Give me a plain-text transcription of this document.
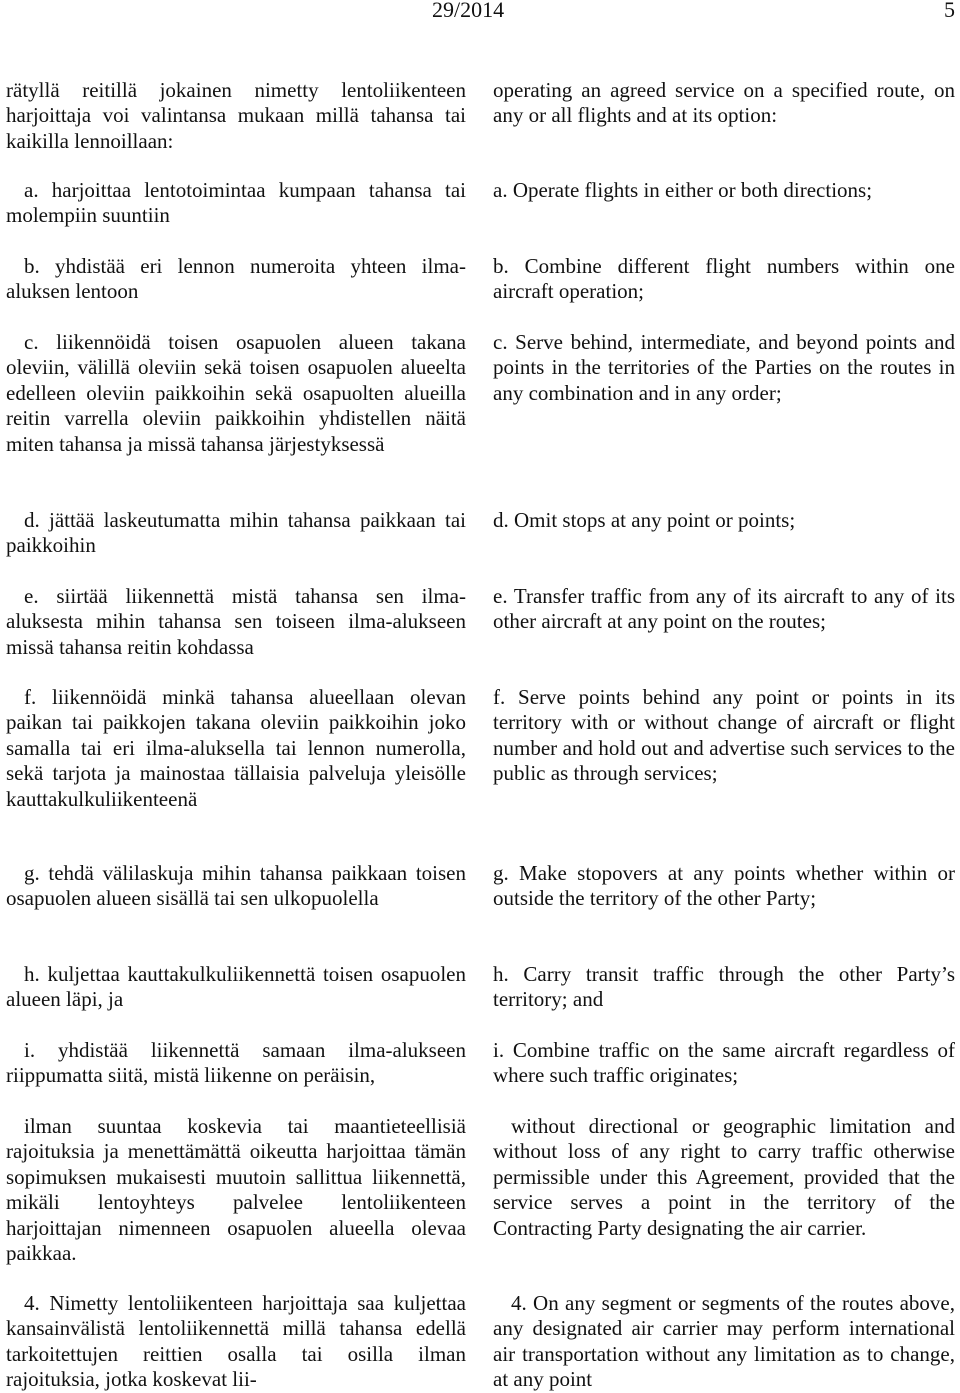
29/2014	5

rätyllä reitillä jokainen nimetty lentoliikenteen harjoittaja voi valintansa mukaan millä tahansa tai kaikilla lennoillaan:

a. harjoittaa lentotoimintaa kumpaan tahansa tai molempiin suuntiin

b. yhdistää eri lennon numeroita yhteen ilma-aluksen lentoon

c. liikennöidä toisen osapuolen alueen takana oleviin, välillä oleviin sekä toisen osapuolen alueelta edelleen oleviin paikkoihin sekä osapuolten alueilla reitin varrella oleviin paikkoihin yhdistellen näitä miten tahansa ja missä tahansa järjestyksessä

d. jättää laskeutumatta mihin tahansa paikkaan tai paikkoihin

e. siirtää liikennettä mistä tahansa sen ilma-aluksesta mihin tahansa sen toiseen ilma-alukseen missä tahansa reitin kohdassa

f. liikennöidä minkä tahansa alueellaan olevan paikan tai paikkojen takana oleviin paikkoihin joko samalla tai eri ilma-aluksella tai lennon numerolla, sekä tarjota ja mainostaa tällaisia palveluja yleisölle kauttakulkuliikenteenä

g. tehdä välilaskuja mihin tahansa paikkaan toisen osapuolen alueen sisällä tai sen ulkopuolella

h. kuljettaa kauttakulkuliikennettä toisen osapuolen alueen läpi, ja

i. yhdistää liikennettä samaan ilma-alukseen riippumatta siitä, mistä liikenne on peräisin,

ilman suuntaa koskevia tai maantieteellisiä rajoituksia ja menettämättä oikeutta harjoittaa tämän sopimuksen mukaisesti muutoin sallittua liikennettä, mikäli lentoyhteys palvelee lentoliikenteen harjoittajan nimenneen osapuolen alueella olevaa paikkaa.

4. Nimetty lentoliikenteen harjoittaja saa kuljettaa kansainvälistä lentoliikennettä millä tahansa edellä tarkoitettujen reittien osalla tai osilla ilman rajoituksia, jotka koskevat lii-

operating an agreed service on a specified route, on any or all flights and at its option:

a. Operate flights in either or both directions;

b. Combine different flight numbers within one aircraft operation;

c. Serve behind, intermediate, and beyond points and points in the territories of the Parties on the routes in any combination and in any order;

d. Omit stops at any point or points;

e. Transfer traffic from any of its aircraft to any of its other aircraft at any point on the routes;

f. Serve points behind any point or points in its territory with or without change of aircraft or flight number and hold out and advertise such services to the public as through services;

g. Make stopovers at any points whether within or outside the territory of the other Party;

h. Carry transit traffic through the other Party’s territory; and

i. Combine traffic on the same aircraft regardless of where such traffic originates;

without directional or geographic limitation and without loss of any right to carry traffic otherwise permissible under this Agreement, provided that the service serves a point in the territory of the Contracting Party designating the air carrier.

4. On any segment or segments of the routes above, any designated air carrier may perform international air transportation without any limitation as to change, at any point
